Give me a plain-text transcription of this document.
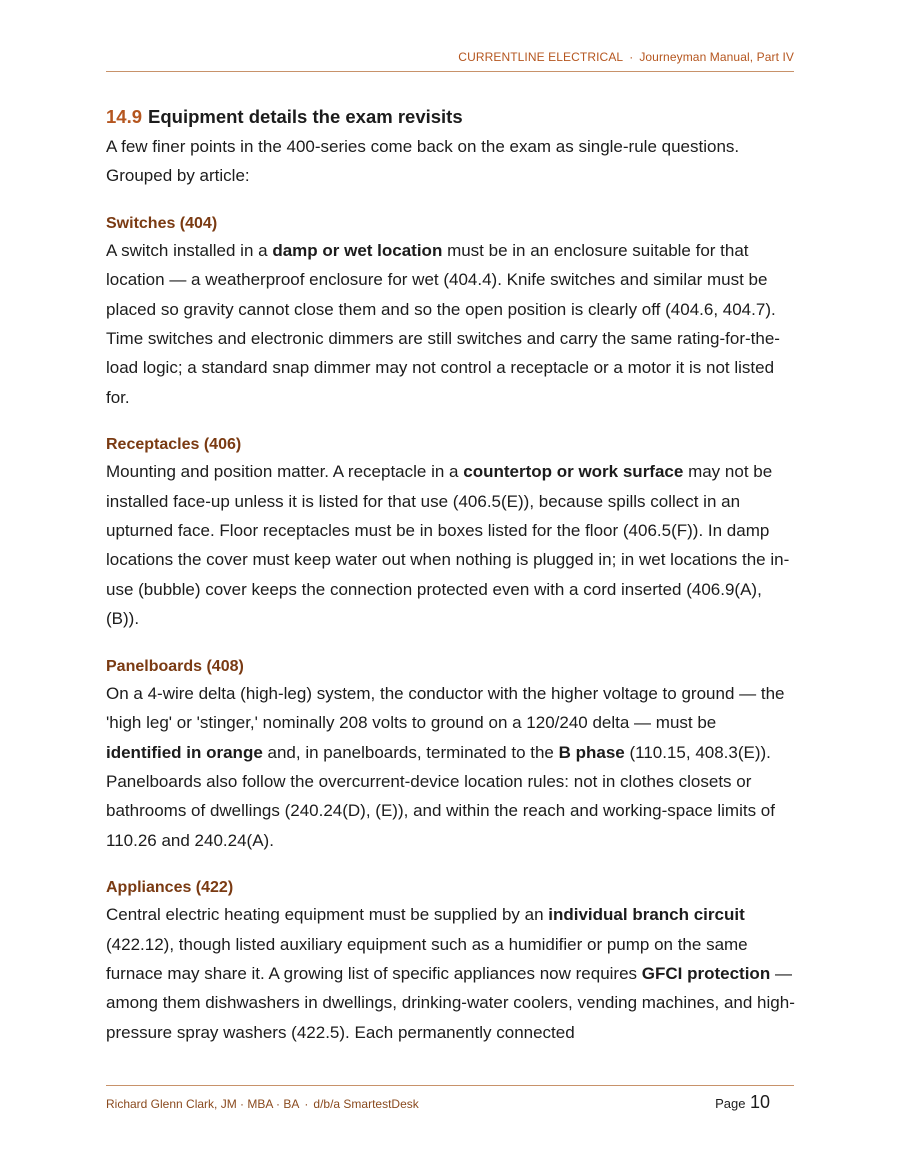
CURRENTLINE ELECTRICAL · Journeyman Manual, Part IV
14.9 Equipment details the exam revisits

A few finer points in the 400-series come back on the exam as single-rule questions. Grouped by article:

Switches (404)

A switch installed in a damp or wet location must be in an enclosure suitable for that location — a weatherproof enclosure for wet (404.4). Knife switches and similar must be placed so gravity cannot close them and so the open position is clearly off (404.6, 404.7). Time switches and electronic dimmers are still switches and carry the same rating-for-the-load logic; a standard snap dimmer may not control a receptacle or a motor it is not listed for.

Receptacles (406)

Mounting and position matter. A receptacle in a countertop or work surface may not be installed face-up unless it is listed for that use (406.5(E)), because spills collect in an upturned face. Floor receptacles must be in boxes listed for the floor (406.5(F)). In damp locations the cover must keep water out when nothing is plugged in; in wet locations the in-use (bubble) cover keeps the connection protected even with a cord inserted (406.9(A), (B)).

Panelboards (408)

On a 4-wire delta (high-leg) system, the conductor with the higher voltage to ground — the 'high leg' or 'stinger,' nominally 208 volts to ground on a 120/240 delta — must be identified in orange and, in panelboards, terminated to the B phase (110.15, 408.3(E)). Panelboards also follow the overcurrent-device location rules: not in clothes closets or bathrooms of dwellings (240.24(D), (E)), and within the reach and working-space limits of 110.26 and 240.24(A).

Appliances (422)

Central electric heating equipment must be supplied by an individual branch circuit (422.12), though listed auxiliary equipment such as a humidifier or pump on the same furnace may share it. A growing list of specific appliances now requires GFCI protection — among them dishwashers in dwellings, drinking-water coolers, vending machines, and high-pressure spray washers (422.5). Each permanently connected

Richard Glenn Clark, JM · MBA · BA · d/b/a SmartestDesk	Page 10
